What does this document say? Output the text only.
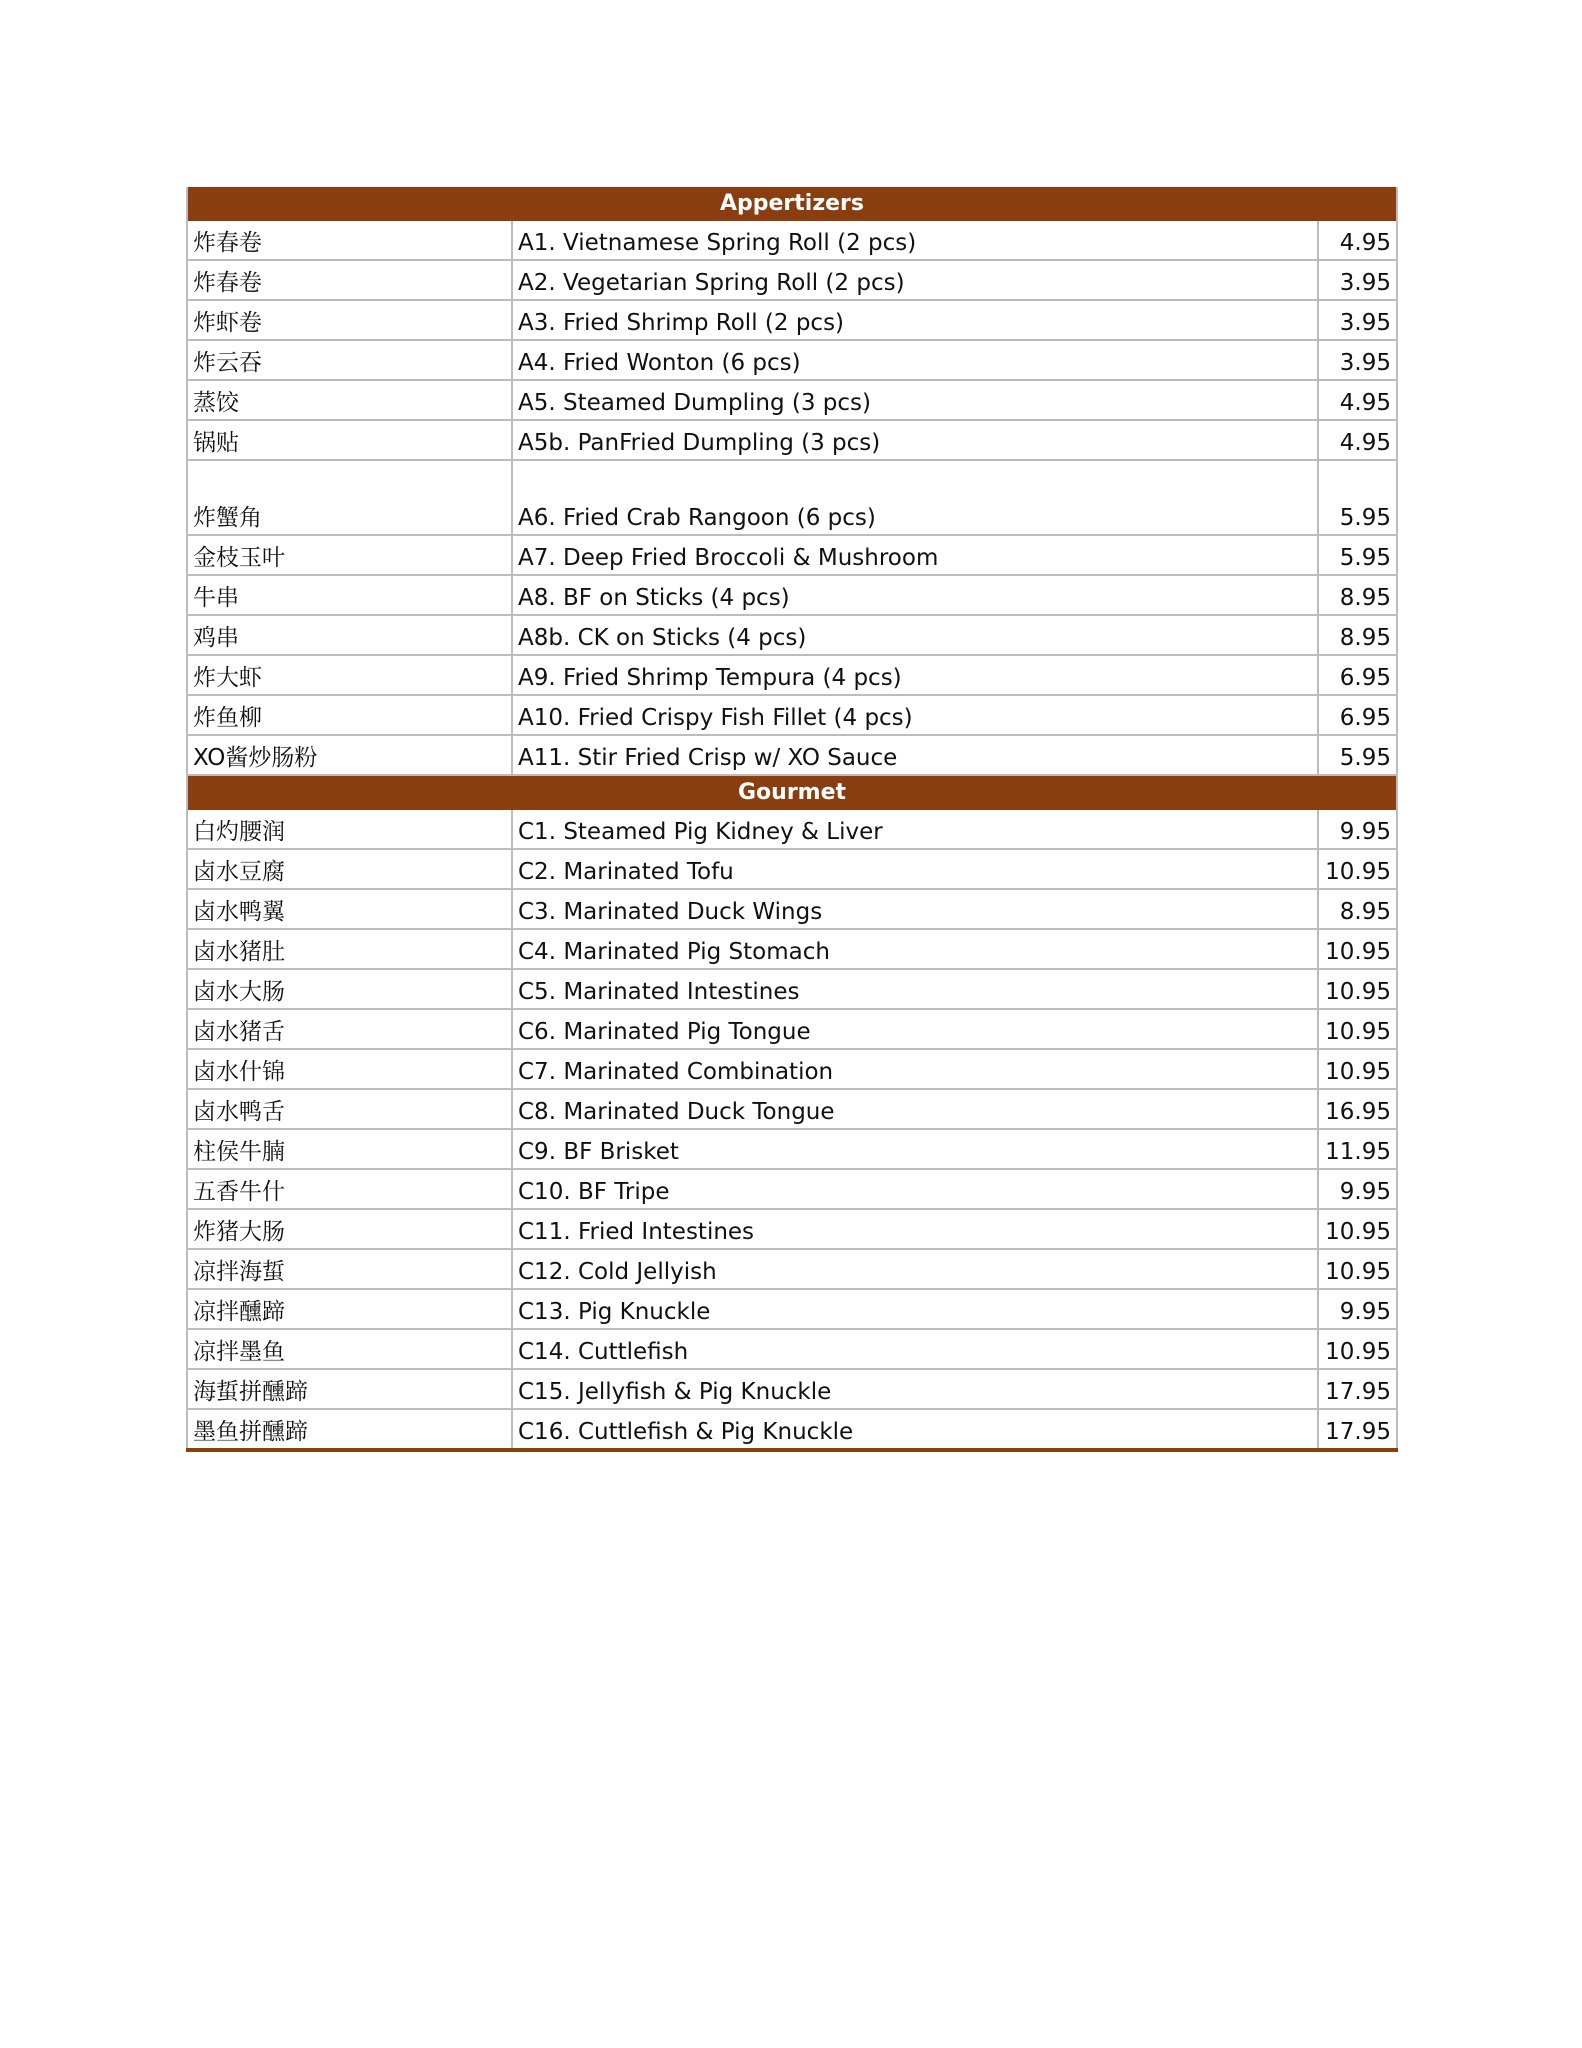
Appertizers		
炸春卷	A1. Vietnamese Spring Roll (2 pcs)	4.95
炸春卷	A2. Vegetarian Spring Roll (2 pcs)	3.95
炸虾卷	A3. Fried Shrimp Roll (2 pcs)	3.95
炸云吞	A4. Fried Wonton (6 pcs)	3.95
蒸饺	A5. Steamed Dumpling (3 pcs)	4.95
锅贴	A5b. PanFried Dumpling (3 pcs)	4.95
炸蟹角	A6. Fried Crab Rangoon (6 pcs)	5.95
金枝玉叶	A7. Deep Fried Broccoli & Mushroom	5.95
牛串	A8. BF on Sticks (4 pcs)	8.95
鸡串	A8b. CK on Sticks (4 pcs)	8.95
炸大虾	A9. Fried Shrimp Tempura (4 pcs)	6.95
炸鱼柳	A10. Fried Crispy Fish Fillet (4 pcs)	6.95
XO酱炒肠粉	A11. Stir Fried Crisp w/ XO Sauce	5.95
Gourmet		
白灼腰润	C1. Steamed Pig Kidney & Liver	9.95
卤水豆腐	C2. Marinated Tofu	10.95
卤水鸭翼	C3. Marinated Duck Wings	8.95
卤水猪肚	C4. Marinated Pig Stomach	10.95
卤水大肠	C5. Marinated Intestines	10.95
卤水猪舌	C6. Marinated Pig Tongue	10.95
卤水什锦	C7. Marinated Combination	10.95
卤水鸭舌	C8. Marinated Duck Tongue	16.95
柱侯牛腩	C9. BF Brisket	11.95
五香牛什	C10. BF Tripe	9.95
炸猪大肠	C11. Fried Intestines	10.95
凉拌海蜇	C12. Cold Jellyish	10.95
凉拌醺蹄	C13. Pig Knuckle	9.95
凉拌墨鱼	C14. Cuttlefish	10.95
海蜇拼醺蹄	C15. Jellyfish & Pig Knuckle	17.95
墨鱼拼醺蹄	C16. Cuttlefish & Pig Knuckle	17.95
